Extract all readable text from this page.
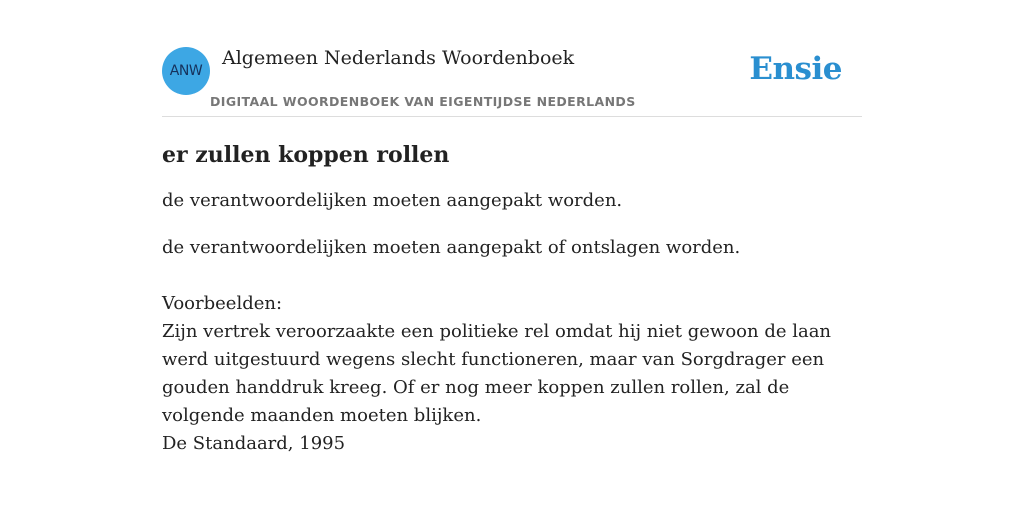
ANW
Algemeen Nederlands Woordenboek
DIGITAAL WOORDENBOEK VAN EIGENTIJDSE NEDERLANDS
Ensie
er zullen koppen rollen

de verantwoordelijken moeten aangepakt worden.

de verantwoordelijken moeten aangepakt of ontslagen worden.

Voorbeelden:
Zijn vertrek veroorzaakte een politieke rel omdat hij niet gewoon de laan werd uitgestuurd wegens slecht functioneren, maar van Sorgdrager een gouden handdruk kreeg. Of er nog meer koppen zullen rollen, zal de volgende maanden moeten blijken.
De Standaard, 1995
